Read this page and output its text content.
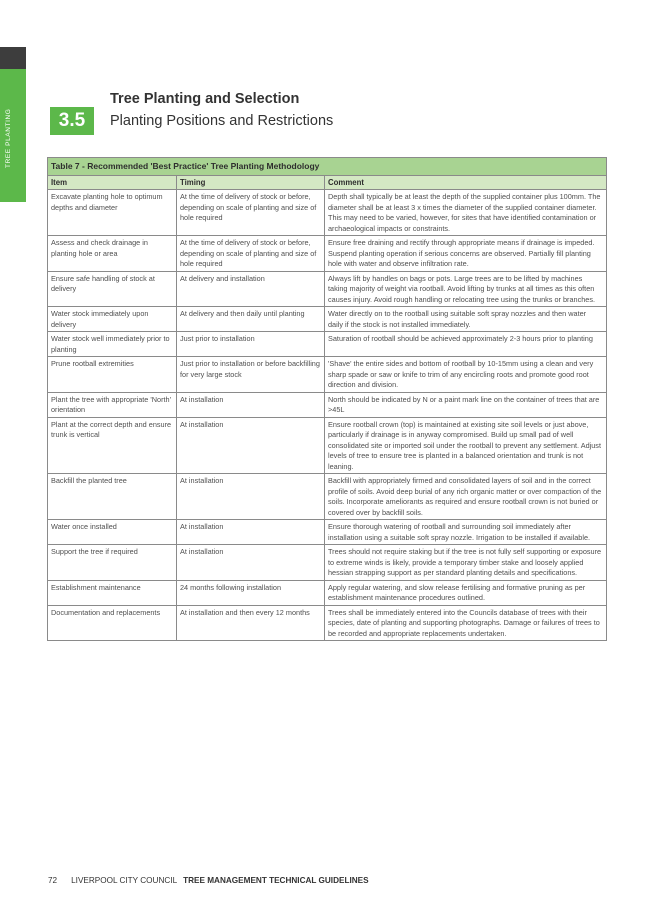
TREE PLANTING	3.5
Tree Planting and Selection
Planting Positions and Restrictions
Table 7 - Recommended 'Best Practice' Tree Planting Methodology		
Item	Timing	Comment
Excavate planting hole to optimum depths and diameter	At the time of delivery of stock or before, depending on scale of planting and size of hole required	Depth shall typically be at least the depth of the supplied container plus 100mm. The diameter shall be at least 3 x times the diameter of the supplied container diameter. This may need to be varied, however, for sites that have identified contamination or archaeological impacts or constraints.
Assess and check drainage in planting hole or area	At the time of delivery of stock or before, depending on scale of planting and size of hole required	Ensure free draining and rectify through appropriate means if drainage is impeded. Suspend planting operation if serious concerns are observed. Partially fill planting hole with water and observe infiltration rate.
Ensure safe handling of stock at delivery	At delivery and installation	Always lift by handles on bags or pots. Large trees are to be lifted by machines taking majority of weight via rootball. Avoid lifting by trunks at all times as this often causes injury. Avoid rough handling or relocating tree using the trunks or branches.
Water stock immediately upon delivery	At delivery and then daily until planting	Water directly on to the rootball using suitable soft spray nozzles and then water daily if the stock is not installed immediately.
Water stock well immediately prior to planting	Just prior to installation	Saturation of rootball should be achieved approximately 2-3 hours prior to planting
Prune rootball extremities	Just prior to installation or before backfilling for very large stock	'Shave' the entire sides and bottom of rootball by 10-15mm using a clean and very sharp spade or saw or knife to trim of any encircling roots and promote good root direction and division.
Plant the tree with appropriate 'North' orientation	At installation	North should be indicated by N or a paint mark line on the container of trees that are >45L
Plant at the correct depth and ensure trunk is vertical	At installation	Ensure rootball crown (top) is maintained at existing site soil levels or just above, particularly if drainage is in anyway compromised. Build up small pad of well consolidated site or imported soil under the rootball to prevent any settlement. Adjust levels of tree to ensure tree is planted in a balanced orientation and trunk is not leaning.
Backfill the planted tree	At installation	Backfill with appropriately firmed and consolidated layers of soil and in the correct profile of soils. Avoid deep burial of any rich organic matter or over compaction of the soils. Incorporate ameliorants as required and ensure rootball crown is not buried or covered over by backfill soils.
Water once installed	At installation	Ensure thorough watering of rootball and surrounding soil immediately after installation using a suitable soft spray nozzle. Irrigation to be installed if available.
Support the tree if required	At installation	Trees should not require staking but if the tree is not fully self supporting or exposure to extreme winds is likely, provide a temporary timber stake and loosely applied hessian strapping support as per standard planting details and specifications.
Establishment maintenance	24 months following installation	Apply regular watering, and slow release fertilising and formative pruning as per establishment maintenance procedures outlined.
Documentation and replacements	At installation and then every 12 months	Trees shall be immediately entered into the Councils database of trees with their species, date of planting and supporting photographs. Damage or failures of trees to be recorded and appropriate replacements undertaken.
72 LIVERPOOL CITY COUNCIL TREE MANAGEMENT TECHNICAL GUIDELINES
